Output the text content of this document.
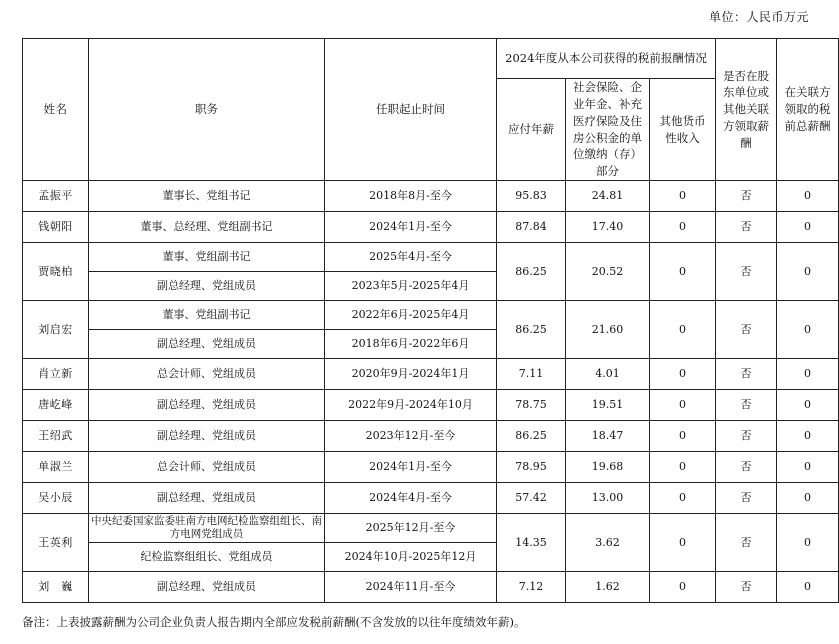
单位：人民币万元
姓名	职务	任职起止时间	2024年度从本公司获得的税前报酬情况			是否在股东单位或其他关联方领取薪酬	在关联方领取的税前总薪酬
			应付年薪	社会保险、企业年金、补充医疗保险及住房公积金的单位缴纳（存）部分	其他货币性收入		
孟振平	董事长、党组书记	2018年8月-至今	95.83	24.81	0	否	0
钱朝阳	董事、总经理、党组副书记	2024年1月-至今	87.84	17.40	0	否	0
贾晓柏	董事、党组副书记	2025年4月-至今	86.25	20.52	0	否	0
	副总经理、党组成员	2023年5月-2025年4月					
刘启宏	董事、党组副书记	2022年6月-2025年4月	86.25	21.60	0	否	0
	副总经理、党组成员	2018年6月-2022年6月					
肖立新	总会计师、党组成员	2020年9月-2024年1月	7.11	4.01	0	否	0
唐屹峰	副总经理、党组成员	2022年9月-2024年10月	78.75	19.51	0	否	0
王绍武	副总经理、党组成员	2023年12月-至今	86.25	18.47	0	否	0
单淑兰	总会计师、党组成员	2024年1月-至今	78.95	19.68	0	否	0
吴小辰	副总经理、党组成员	2024年4月-至今	57.42	13.00	0	否	0
王英利	中央纪委国家监委驻南方电网纪检监察组组长、南方电网党组成员	2025年12月-至今	14.35	3.62	0	否	0
	纪检监察组组长、党组成员	2024年10月-2025年12月					
刘　巍	副总经理、党组成员	2024年11月-至今	7.12	1.62	0	否	0
备注：上表披露薪酬为公司企业负责人报告期内全部应发税前薪酬(不含发放的以往年度绩效年薪)。
